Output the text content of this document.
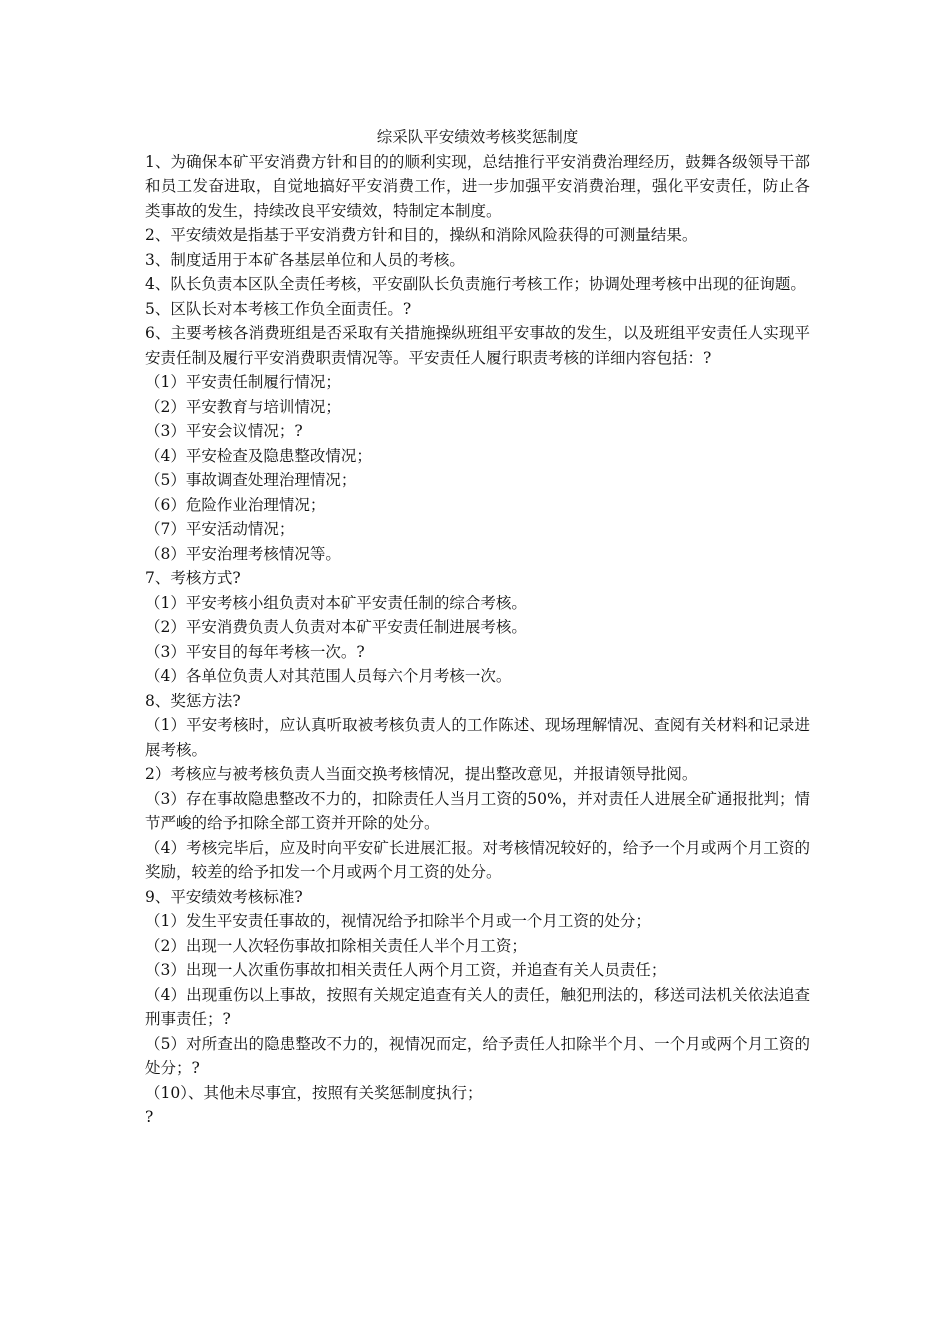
综采队平安绩效考核奖惩制度

1、为确保本矿平安消费方针和目的的顺利实现，总结推行平安消费治理经历，鼓舞各级领导干部和员工发奋进取，自觉地搞好平安消费工作，进一步加强平安消费治理，强化平安责任，防止各类事故的发生，持续改良平安绩效，特制定本制度。

2、平安绩效是指基于平安消费方针和目的，操纵和消除风险获得的可测量结果。

3、制度适用于本矿各基层单位和人员的考核。

4、队长负责本区队全责任考核，平安副队长负责施行考核工作；协调处理考核中出现的征询题。

5、区队长对本考核工作负全面责任。?

6、主要考核各消费班组是否采取有关措施操纵班组平安事故的发生，以及班组平安责任人实现平安责任制及履行平安消费职责情况等。平安责任人履行职责考核的详细内容包括：?

（1）平安责任制履行情况；

（2）平安教育与培训情况；

（3）平安会议情况；?

（4）平安检查及隐患整改情况；

（5）事故调查处理治理情况；

（6）危险作业治理情况；

（7）平安活动情况；

（8）平安治理考核情况等。

7、考核方式?

（1）平安考核小组负责对本矿平安责任制的综合考核。

（2）平安消费负责人负责对本矿平安责任制进展考核。

（3）平安目的每年考核一次。?

（4）各单位负责人对其范围人员每六个月考核一次。

8、奖惩方法?

（1）平安考核时，应认真听取被考核负责人的工作陈述、现场理解情况、查阅有关材料和记录进展考核。

2）考核应与被考核负责人当面交换考核情况，提出整改意见，并报请领导批阅。

（3）存在事故隐患整改不力的，扣除责任人当月工资的50%，并对责任人进展全矿通报批判；情节严峻的给予扣除全部工资并开除的处分。

（4）考核完毕后，应及时向平安矿长进展汇报。对考核情况较好的，给予一个月或两个月工资的奖励，较差的给予扣发一个月或两个月工资的处分。

9、平安绩效考核标准?

（1）发生平安责任事故的，视情况给予扣除半个月或一个月工资的处分；

（2）出现一人次轻伤事故扣除相关责任人半个月工资；

（3）出现一人次重伤事故扣相关责任人两个月工资，并追查有关人员责任；

（4）出现重伤以上事故，按照有关规定追查有关人的责任，触犯刑法的，移送司法机关依法追查刑事责任；?

（5）对所查出的隐患整改不力的，视情况而定，给予责任人扣除半个月、一个月或两个月工资的处分；?

（10）、其他未尽事宜，按照有关奖惩制度执行；

?
